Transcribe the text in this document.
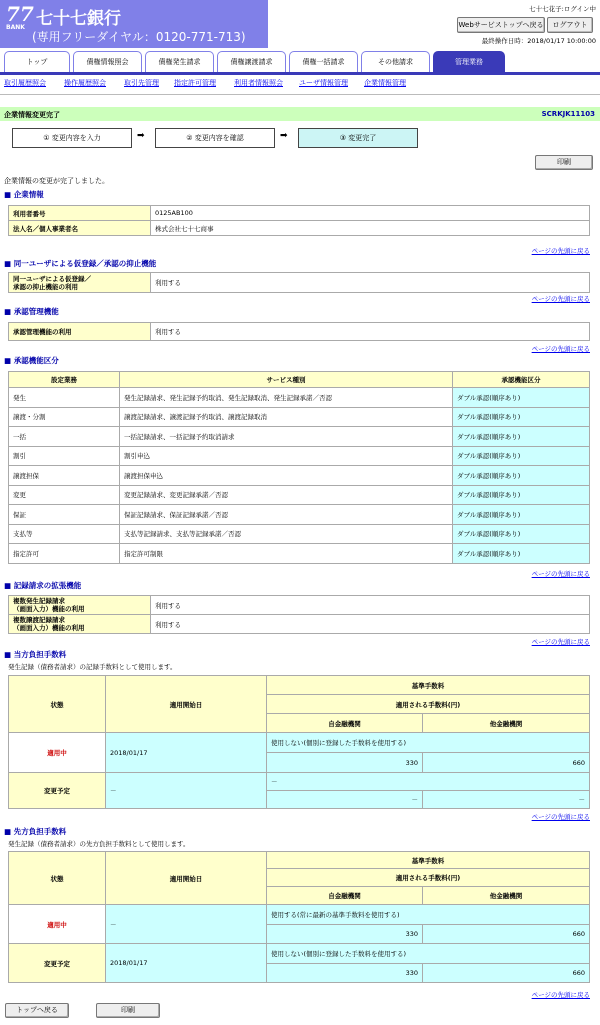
77
BANK 七十七銀行
(専用フリーダイヤル：0120-771-713)
七十七花子:ログイン中
Webサービストップへ戻る	ログアウト
最終操作日時：2018/01/17 10:00:00
トップ	債権情報照会	債権発生請求	債権譲渡請求	債権一括請求	その他請求	管理業務
取引履歴照会	操作履歴照会	取引先管理 指定許可管理	利用者情報照会 ユーザ情報管理 企業情報管理
企業情報変更完了	SCRKJK11103
① 変更内容を入力	➡	② 変更内容を確認	➡	③ 変更完了
印刷
企業情報の変更が完了しました。
■ 企業情報
利用者番号	0125AB100
法人名／個人事業者名	株式会社七十七商事
ページの先頭に戻る
■ 同一ユーザによる仮登録／承認の抑止機能
同一ユーザによる仮登録／
承認の抑止機能の利用	利用する
ページの先頭に戻る
■ 承認管理機能
承認管理機能の利用	利用する
ページの先頭に戻る
■ 承認機能区分
設定業務	サービス種別	承認機能区分
発生	発生記録請求、発生記録予約取消、発生記録取消、発生記録承諾／否認	ダブル承認(順序あり)
譲渡・分割	譲渡記録請求、譲渡記録予約取消、譲渡記録取消	ダブル承認(順序あり)
一括	一括記録請求、一括記録予約取消請求	ダブル承認(順序あり)
割引	割引申込	ダブル承認(順序あり)
譲渡担保	譲渡担保申込	ダブル承認(順序あり)
変更	変更記録請求、変更記録承諾／否認	ダブル承認(順序あり)
保証	保証記録請求、保証記録承諾／否認	ダブル承認(順序あり)
支払等	支払等記録請求、支払等記録承諾／否認	ダブル承認(順序あり)
指定許可	指定許可制限	ダブル承認(順序あり)
ページの先頭に戻る
■ 記録請求の拡張機能
複数発生記録請求
（画面入力）機能の利用	利用する

複数譲渡記録請求
（画面入力）機能の利用	利用する
ページの先頭に戻る
■ 当方負担手数料
発生記録（債務者請求）の記録手数料として使用します。
状態	適用開始日	基準手数料	
		適用される手数料(円)	
		自金融機関	他金融機関
適用中	2018/01/17	使用しない(個別に登録した手数料を使用する)	
		330	660
変更予定	－	－	
		－	－
ページの先頭に戻る
■ 先方負担手数料
発生記録（債務者請求）の先方負担手数料として使用します。
状態	適用開始日	基準手数料	
		適用される手数料(円)	
		自金融機関	他金融機関
適用中	－	使用する(常に最新の基準手数料を使用する)	
		330	660
変更予定	2018/01/17	使用しない(個別に登録した手数料を使用する)	
		330	660
ページの先頭に戻る
トップへ戻る	印刷
